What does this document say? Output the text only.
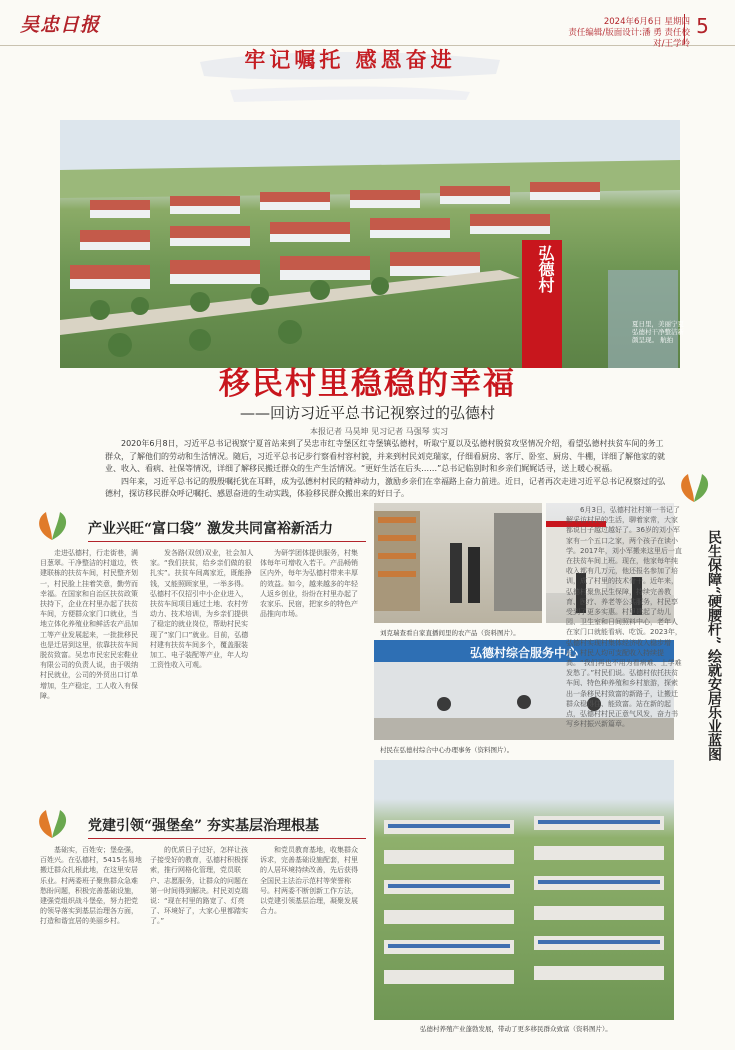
吴忠日报	2024年6月6日 星期四
责任编辑/版面设计:潘 勇 责任校对/王学岭
5
牢记嘱托 感恩奋进
弘德村
夏日里，美丽宁夏弘德村干净整洁新颜呈现。 航拍
移民村里稳稳的幸福
——回访习近平总书记视察过的弘德村
本报记者 马昊坤 见习记者 马强琴 实习

2020年6月8日，习近平总书记视察宁夏首站来到了吴忠市红寺堡区红寺堡镇弘德村，听取宁夏以及弘德村脱贫攻坚情况介绍，看望弘德村扶贫车间的务工群众，了解他们的劳动和生活情况。随后，习近平总书记步行察看村容村貌，并来到村民刘克瑞家，仔细看厨房、客厅、卧室、厨房、牛棚，详细了解他家的就业、收入、看病、社保等情况，详细了解移民搬迁群众的生产生活情况。“更好生活在后头……”总书记临别时和乡亲们娓娓话寻，送上暖心祝福。

四年来，习近平总书记的殷殷嘱托犹在耳畔，成为弘德村村民的精神动力，激励乡亲们在幸福路上奋力前进。近日，记者再次走进习近平总书记视察过的弘德村，探访移民群众呼记嘱托、感恩奋进的生动实践，体验移民群众搬出来的好日子。

产业兴旺“富口袋” 激发共同富裕新活力
走进弘德村，行走街巷，满目葱翠。干净整洁的村道边，铁建联栋的扶贫车间，村民整齐划一，村民脸上挂着笑意，勤劳而幸福。在国家和自治区扶贫政策扶持下，企业在村里办起了扶贫车间，方便群众家门口就业，当地立体化养殖业和鲜活农产品加工等产业发展起来，一批批移民也是迁居到这里，依靠扶贫车间脱贫致富。吴忠市民宏民宏鞋业有限公司的负责人说，由于吸纳村民就业，公司的外贸出口订单增加，生产稳定，工人收入有保障。
发各路(双创)双业，社会加人家。“我们扶贫，给乡亲们做的很扎实”。扶贫车间离家近，既能挣钱，又能照顾家里，一举多得。弘德村不仅招引中小企业进入，扶贫车间项目通过土地、农村劳动力、技术培训，为乡亲们提供了稳定的就业岗位，帮助村民实现了“家门口”就业。目前，弘德村建有扶贫车间多个，覆盖服装加工、电子装配等产业，年人均工资性收入可观。
为研学团体提供服务，村集体每年可增收入若干。产品畅销区内外，每年为弘德村带来丰厚的效益。如今，越来越多的年轻人返乡创业，纷纷在村里办起了农家乐、民宿，把家乡的特色产品推向市场。
刘克瑞查看自家直播间里的农产品（资料图片）。
弘德村综合服务中心
村民在弘德村综合中心办理事务（资料图片）。
党建引领“强堡垒” 夯实基层治理根基
基础实，百姓安；堡垒强，百姓兴。在弘德村，5415名易地搬迁群众扎根此地，在这里安居乐业。村两委班子聚焦群众急难愁盼问题，积极完善基础设施，建强党组织战斗堡垒，努力把党的领导落实到基层治理各方面，打造和谐宜居的美丽乡村。
的优质日子过好，怎样让孩子接受好的教育，弘德村积极探索，推行网格化管理，党员联户、志愿服务，让群众的问题在第一时间得到解决。村民刘克瑞说：“现在村里的路宽了、灯亮了、环境好了，大家心里都踏实了。”
和党员教育基地，收集群众诉求，完善基础设施配套，村里的人居环境持续改善，先后获得全国民主法治示范村等荣誉称号。村两委不断创新工作方法，以党建引领基层治理，凝聚发展合力。
弘德村养殖产业蓬勃发展，带动了更多移民群众致富（资料图片）。
民生保障“硬腰杆” 绘就安居乐业蓝图
6月3日，弘德村社村第一书记了解采访村民的生活，聊着家常，大家都说日子越过越好了。36岁的刘小军家有一个五口之家，两个孩子在读小学。2017年，刘小军搬来这里后一直在扶贫车间上班。现在，他家每年纯收入都有几万元，他还报名参加了培训，成了村里的技术骨干。近年来，弘德村聚焦民生保障，持续完善教育、医疗、养老等公共服务，村民享受到了更多实惠。村里建起了幼儿园、卫生室和日间照料中心，老年人在家门口就能看病、吃饭。2023年，弘德村实现村集体经济收入稳步增长，村民人均可支配收入持续提高。“我们再也不用为看病难、上学难发愁了。”村民们说。弘德村依托扶贫车间、特色种养殖和乡村旅游，探索出一条移民村致富的新路子，让搬迁群众稳得住、能致富。站在新的起点，弘德村村民正意气风发，奋力书写乡村振兴新篇章。
